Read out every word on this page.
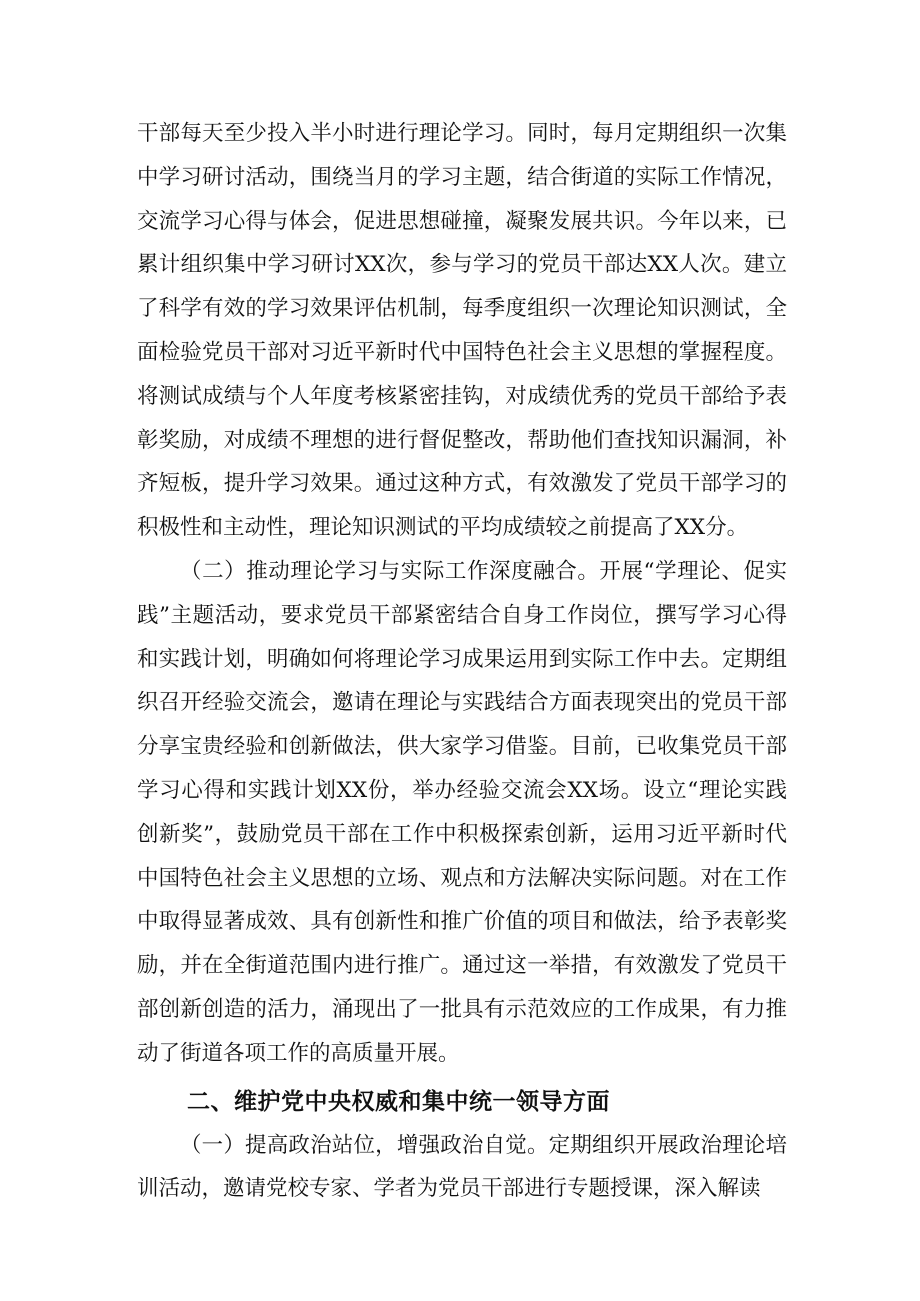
干部每天至少投入半小时进行理论学习。同时，每月定期组织一次集中学习研讨活动，围绕当月的学习主题，结合街道的实际工作情况，交流学习心得与体会，促进思想碰撞，凝聚发展共识。今年以来，已累计组织集中学习研讨XX次，参与学习的党员干部达XX人次。建立了科学有效的学习效果评估机制，每季度组织一次理论知识测试，全面检验党员干部对习近平新时代中国特色社会主义思想的掌握程度。将测试成绩与个人年度考核紧密挂钩，对成绩优秀的党员干部给予表彰奖励，对成绩不理想的进行督促整改，帮助他们查找知识漏洞，补齐短板，提升学习效果。通过这种方式，有效激发了党员干部学习的积极性和主动性，理论知识测试的平均成绩较之前提高了XX分。

（二）推动理论学习与实际工作深度融合。开展“学理论、促实践”主题活动，要求党员干部紧密结合自身工作岗位，撰写学习心得和实践计划，明确如何将理论学习成果运用到实际工作中去。定期组织召开经验交流会，邀请在理论与实践结合方面表现突出的党员干部分享宝贵经验和创新做法，供大家学习借鉴。目前，已收集党员干部学习心得和实践计划XX份，举办经验交流会XX场。设立“理论实践创新奖”，鼓励党员干部在工作中积极探索创新，运用习近平新时代中国特色社会主义思想的立场、观点和方法解决实际问题。对在工作中取得显著成效、具有创新性和推广价值的项目和做法，给予表彰奖励，并在全街道范围内进行推广。通过这一举措，有效激发了党员干部创新创造的活力，涌现出了一批具有示范效应的工作成果，有力推动了街道各项工作的高质量开展。

二、维护党中央权威和集中统一领导方面

（一）提高政治站位，增强政治自觉。定期组织开展政治理论培训活动，邀请党校专家、学者为党员干部进行专题授课，深入解读
